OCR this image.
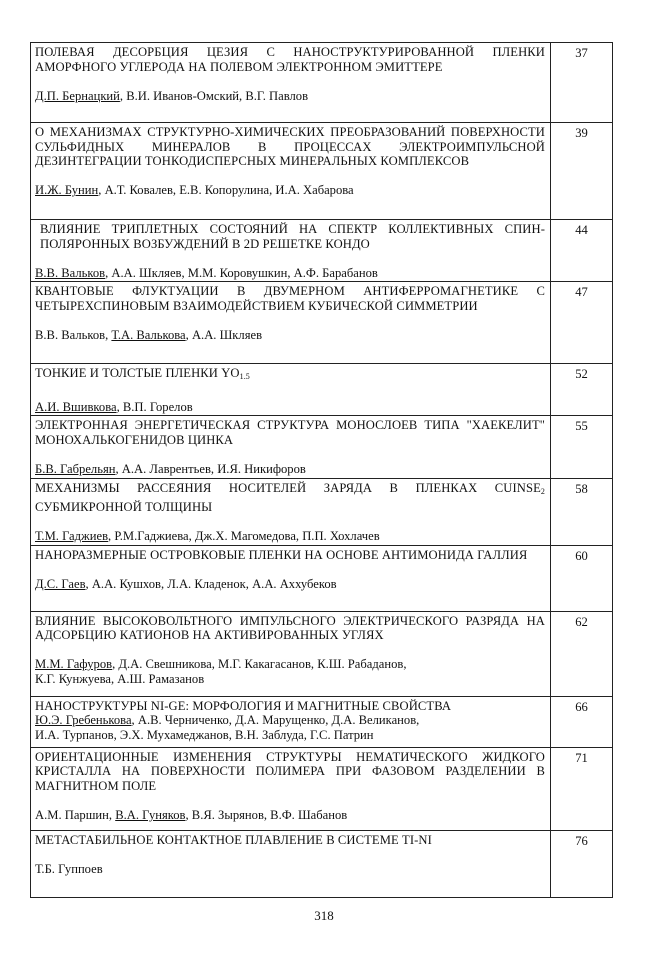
ПОЛЕВАЯ ДЕСОРБЦИЯ ЦЕЗИЯ С НАНОСТРУКТУРИРОВАННОЙ ПЛЕНКИ АМОРФНОГО УГЛЕРОДА НА ПОЛЕВОМ ЭЛЕКТРОННОМ ЭМИТТЕРЕ
Д.П. Бернацкий, В.И. Иванов-Омский, В.Г. Павлов	37

О МЕХАНИЗМАХ СТРУКТУРНО-ХИМИЧЕСКИХ ПРЕОБРАЗОВАНИЙ ПОВЕРХНОСТИ СУЛЬФИДНЫХ МИНЕРАЛОВ В ПРОЦЕССАХ ЭЛЕКТРОИМПУЛЬСНОЙ ДЕЗИНТЕГРАЦИИ ТОНКОДИСПЕРСНЫХ МИНЕРАЛЬНЫХ КОМПЛЕКСОВ
И.Ж. Бунин, А.Т. Ковалев, Е.В. Копорулина, И.А. Хабарова	39

ВЛИЯНИЕ ТРИПЛЕТНЫХ СОСТОЯНИЙ НА СПЕКТР КОЛЛЕКТИВНЫХ СПИН-ПОЛЯРОННЫХ ВОЗБУЖДЕНИЙ В 2D РЕШЕТКЕ КОНДО
В.В. Вальков, А.А. Шкляев, М.М. Коровушкин, А.Ф. Барабанов	44

КВАНТОВЫЕ ФЛУКТУАЦИИ В ДВУМЕРНОМ АНТИФЕРРОМАГНЕТИКЕ С ЧЕТЫРЕХСПИНОВЫМ ВЗАИМОДЕЙСТВИЕМ КУБИЧЕСКОЙ СИММЕТРИИ
В.В. Вальков, Т.А. Валькова, А.А. Шкляев	47

ТОНКИЕ И ТОЛСТЫЕ ПЛЕНКИ $YO_{1.5}$
А.И. Вшивкова, В.П. Горелов	52

ЭЛЕКТРОННАЯ ЭНЕРГЕТИЧЕСКАЯ СТРУКТУРА МОНОСЛОЕВ ТИПА "ХАЕКЕЛИТ" МОНОХАЛЬКОГЕНИДОВ ЦИНКА
Б.В. Габрельян, А.А. Лаврентьев, И.Я. Никифоров	55

МЕХАНИЗМЫ РАССЕЯНИЯ НОСИТЕЛЕЙ ЗАРЯДА В ПЛЕНКАХ $CUINSE_2$ СУБМИКРОННОЙ ТОЛЩИНЫ
Т.М. Гаджиев, Р.М.Гаджиева, Дж.Х. Магомедова, П.П. Хохлачев	58

НАНОРАЗМЕРНЫЕ ОСТРОВКОВЫЕ ПЛЕНКИ НА ОСНОВЕ АНТИМОНИДА ГАЛЛИЯ
Д.С. Гаев, А.А. Кушхов, Л.А. Кладенок, А.А. Аххубеков	60

ВЛИЯНИЕ ВЫСОКОВОЛЬТНОГО ИМПУЛЬСНОГО ЭЛЕКТРИЧЕСКОГО РАЗРЯДА НА АДСОРБЦИЮ КАТИОНОВ НА АКТИВИРОВАННЫХ УГЛЯХ
М.М. Гафуров, Д.А. Свешникова, М.Г. Какагасанов, К.Ш. Рабаданов,
К.Г. Кунжуева, А.Ш. Рамазанов	62

НАНОСТРУКТУРЫ NI-GE: МОРФОЛОГИЯ И МАГНИТНЫЕ СВОЙСТВА
Ю.Э. Гребенькова, А.В. Черниченко, Д.А. Марущенко, Д.А. Великанов,
И.А. Турпанов, Э.Х. Мухамеджанов, В.Н. Заблуда, Г.С. Патрин	66

ОРИЕНТАЦИОННЫЕ ИЗМЕНЕНИЯ СТРУКТУРЫ НЕМАТИЧЕСКОГО ЖИДКОГО КРИСТАЛЛА НА ПОВЕРХНОСТИ ПОЛИМЕРА ПРИ ФАЗОВОМ РАЗДЕЛЕНИИ В МАГНИТНОМ ПОЛЕ
А.М. Паршин, В.А. Гуняков, В.Я. Зырянов, В.Ф. Шабанов	71

МЕТАСТАБИЛЬНОЕ КОНТАКТНОЕ ПЛАВЛЕНИЕ В СИСТЕМЕ TI-NI
Т.Б. Гуппоев	76
318
